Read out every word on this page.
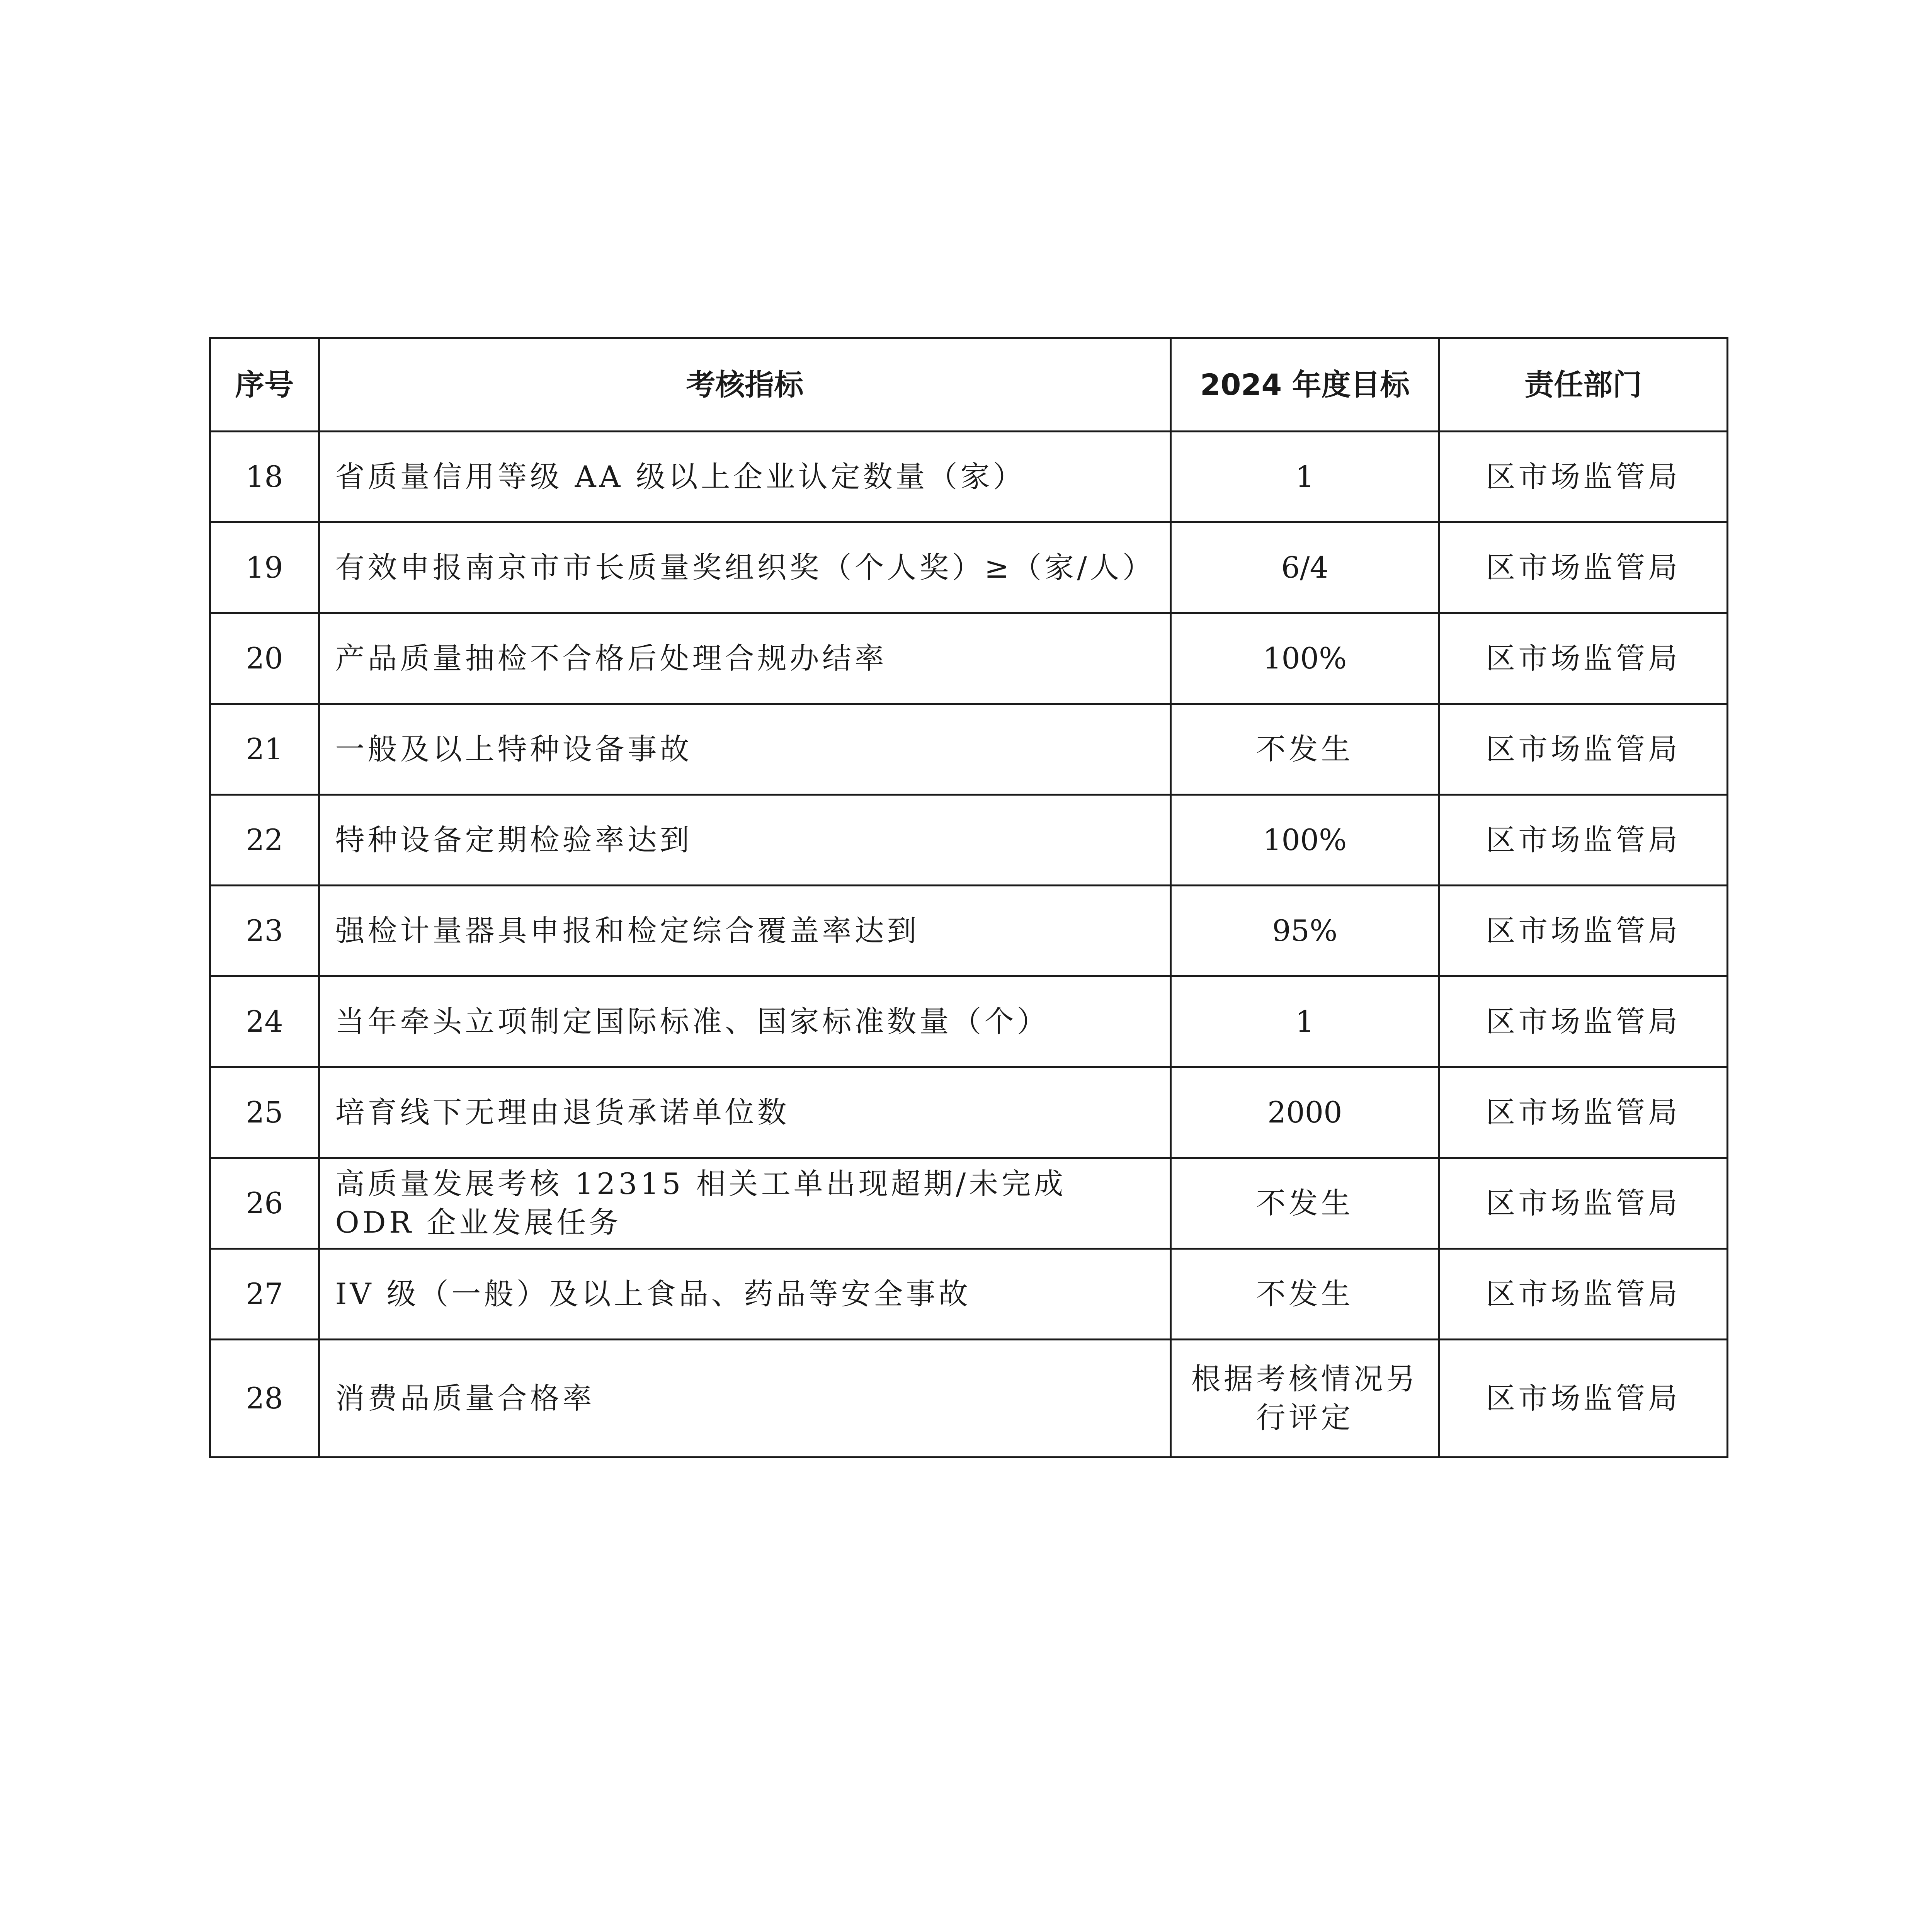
序号	考核指标	2024 年度目标	责任部门
18	省质量信用等级 AA 级以上企业认定数量（家）	1	区市场监管局
19	有效申报南京市市长质量奖组织奖（个人奖）≥（家/人）	6/4	区市场监管局
20	产品质量抽检不合格后处理合规办结率	100%	区市场监管局
21	一般及以上特种设备事故	不发生	区市场监管局
22	特种设备定期检验率达到	100%	区市场监管局
23	强检计量器具申报和检定综合覆盖率达到	95%	区市场监管局
24	当年牵头立项制定国际标准、国家标准数量（个）	1	区市场监管局
25	培育线下无理由退货承诺单位数	2000	区市场监管局
26	高质量发展考核 12315 相关工单出现超期/未完成 ODR 企业发展任务	不发生	区市场监管局
27	IV 级（一般）及以上食品、药品等安全事故	不发生	区市场监管局
28	消费品质量合格率	根据考核情况另行评定	区市场监管局
